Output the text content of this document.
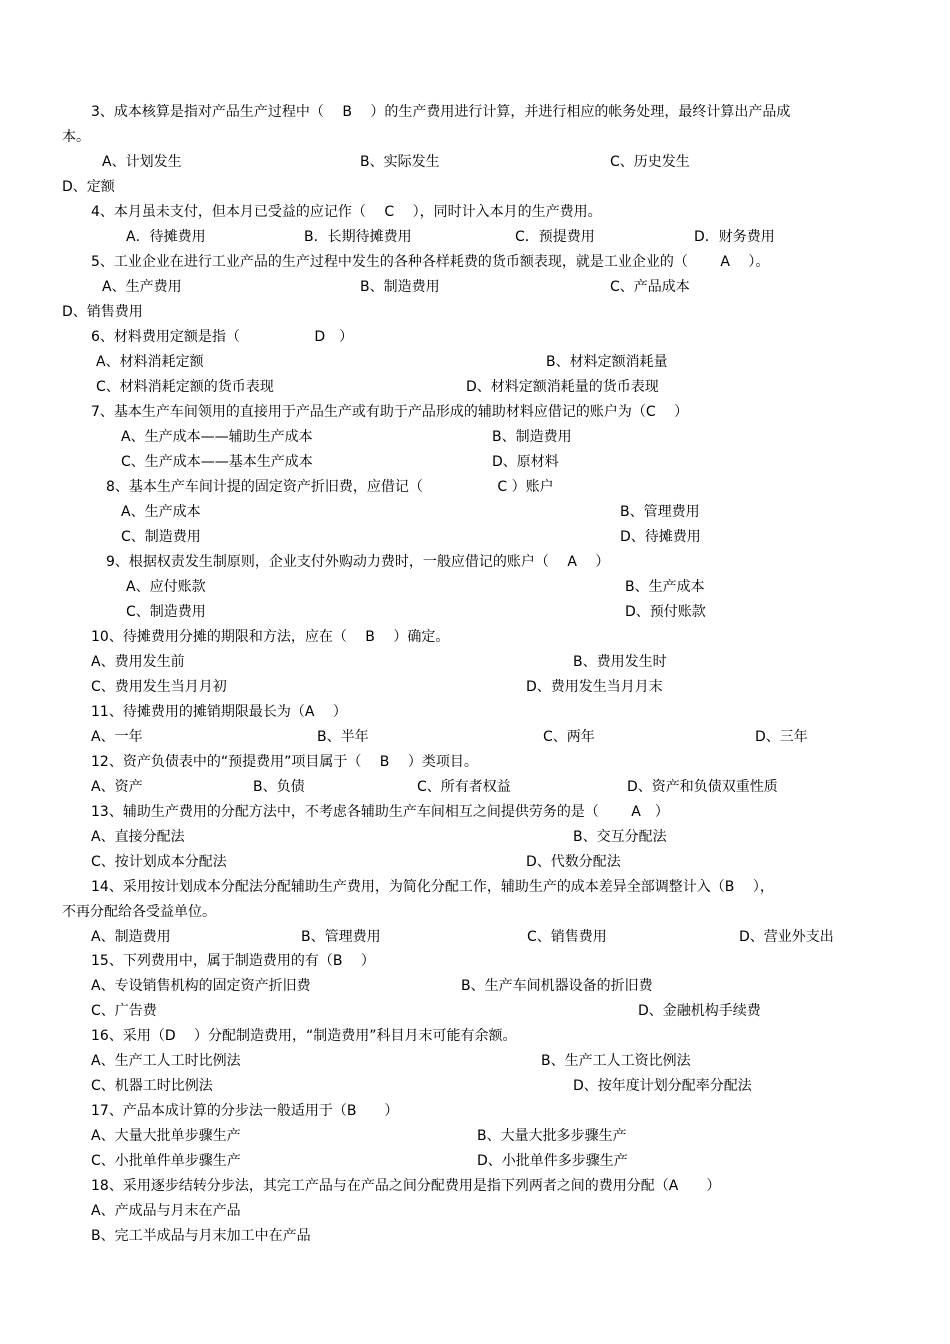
3、成本核算是指对产品生产过程中（ 　B　 ）的生产费用进行计算，并进行相应的帐务处理，最终计算出产品成
本。
A、计划发生	B、实际发生	C、历史发生
D、定额
4、本月虽未支付，但本月已受益的应记作（ 　C　 ），同时计入本月的生产费用。
A．待摊费用	B．长期待摊费用	C．预提费用	D．财务费用
5、工业企业在进行工业产品的生产过程中发生的各种各样耗费的货币额表现，就是工业企业的（ 　　A　 ）。
A、生产费用	B、制造费用	C、产品成本
D、销售费用
6、材料费用定额是指（ 　　　　　D　）
A、材料消耗定额	B、材料定额消耗量
C、材料消耗定额的货币表现	D、材料定额消耗量的货币表现
7、基本生产车间领用的直接用于产品生产或有助于产品形成的辅助材料应借记的账户为（C　 ）
A、生产成本——辅助生产成本	B、制造费用
C、生产成本——基本生产成本	D、原材料
8、基本生产车间计提的固定资产折旧费，应借记（ 　　　　　C ）账户
A、生产成本	B、管理费用
C、制造费用	D、待摊费用
9、根据权责发生制原则，企业支付外购动力费时，一般应借记的账户（ 　A　 ）
A、应付账款	B、生产成本
C、制造费用	D、预付账款
10、待摊费用分摊的期限和方法，应在（ 　B　 ）确定。
A、费用发生前	B、费用发生时
C、费用发生当月月初	D、费用发生当月月末
11、待摊费用的摊销期限最长为（A　 ）
A、一年	B、半年	C、两年	D、三年
12、资产负债表中的“预提费用”项目属于（ 　B　 ）类项目。
A、资产	B、负债	C、所有者权益	D、资产和负债双重性质
13、辅助生产费用的分配方法中，不考虑各辅助生产车间相互之间提供劳务的是（ 　　A　）
A、直接分配法	B、交互分配法
C、按计划成本分配法	D、代数分配法
14、采用按计划成本分配法分配辅助生产费用，为简化分配工作，辅助生产的成本差异全部调整计入（B　 ），
不再分配给各受益单位。
A、制造费用	B、管理费用	C、销售费用	D、营业外支出
15、下列费用中，属于制造费用的有（B　 ）
A、专设销售机构的固定资产折旧费	B、生产车间机器设备的折旧费
C、广告费	D、金融机构手续费
16、采用（D　 ）分配制造费用，“制造费用”科目月末可能有余额。
A、生产工人工时比例法	B、生产工人工资比例法
C、机器工时比例法	D、按年度计划分配率分配法
17、产品本成计算的分步法一般适用于（B　　）
A、大量大批单步骤生产	B、大量大批多步骤生产
C、小批单件单步骤生产	D、小批单件多步骤生产
18、采用逐步结转分步法，其完工产品与在产品之间分配费用是指下列两者之间的费用分配（A　　）
A、产成品与月末在产品
B、完工半成品与月末加工中在产品
